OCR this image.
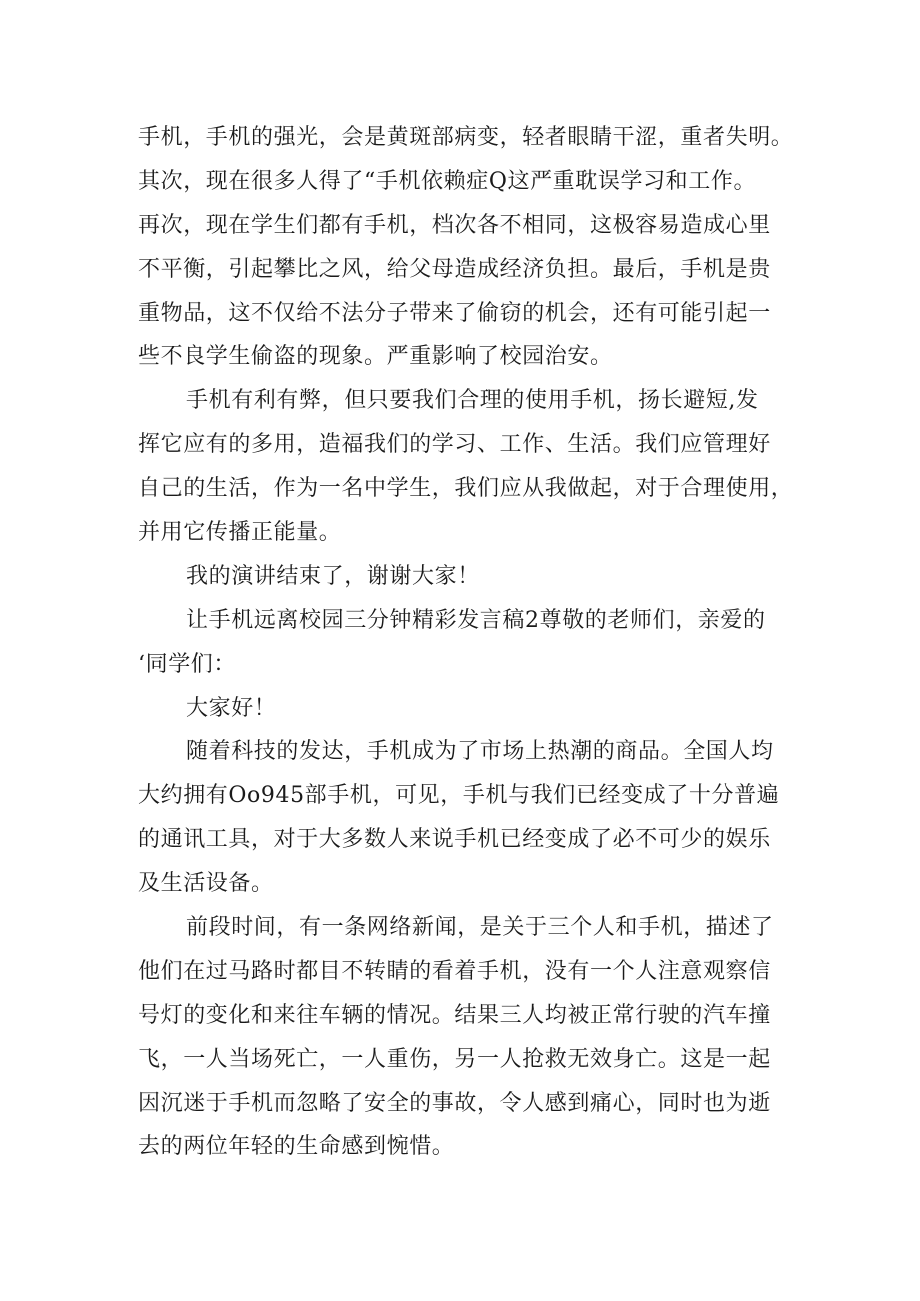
手机，手机的强光，会是黄斑部病变，轻者眼睛干涩，重者失明。
其次，现在很多人得了“手机依赖症Q这严重耽误学习和工作。
再次，现在学生们都有手机，档次各不相同，这极容易造成心里
不平衡，引起攀比之风，给父母造成经济负担。最后，手机是贵
重物品，这不仅给不法分子带来了偷窃的机会，还有可能引起一
些不良学生偷盗的现象。严重影响了校园治安。
手机有利有弊，但只要我们合理的使用手机，扬长避短,发
挥它应有的多用，造福我们的学习、工作、生活。我们应管理好
自己的生活，作为一名中学生，我们应从我做起，对于合理使用，
并用它传播正能量。
我的演讲结束了，谢谢大家！
让手机远离校园三分钟精彩发言稿2尊敬的老师们，亲爱的
‘同学们：
大家好！
随着科技的发达，手机成为了市场上热潮的商品。全国人均
大约拥有Oo945部手机，可见，手机与我们已经变成了十分普遍
的通讯工具，对于大多数人来说手机已经变成了必不可少的娱乐
及生活设备。
前段时间，有一条网络新闻，是关于三个人和手机，描述了
他们在过马路时都目不转睛的看着手机，没有一个人注意观察信
号灯的变化和来往车辆的情况。结果三人均被正常行驶的汽车撞
飞，一人当场死亡，一人重伤，另一人抢救无效身亡。这是一起
因沉迷于手机而忽略了安全的事故，令人感到痛心，同时也为逝
去的两位年轻的生命感到惋惜。
